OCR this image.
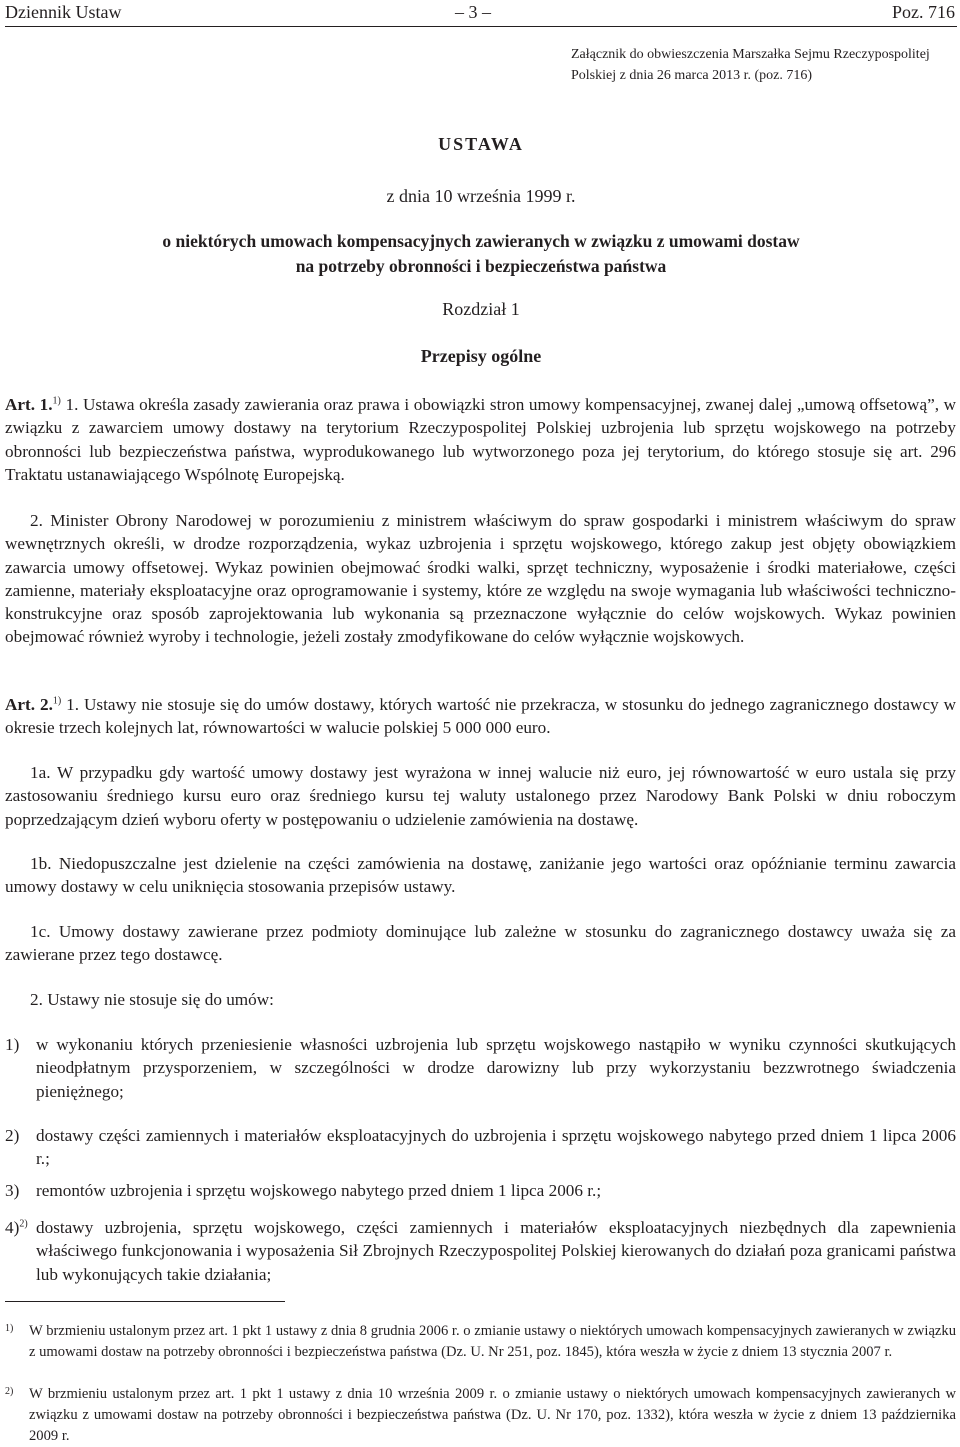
Dziennik Ustaw	– 3 –	Poz. 716
Załącznik do obwieszczenia Marszałka Sejmu Rzeczypospolitej Polskiej z dnia 26 marca 2013 r. (poz. 716)
USTAWA
z dnia 10 września 1999 r.
o niektórych umowach kompensacyjnych zawieranych w związku z umowami dostaw
na potrzeby obronności i bezpieczeństwa państwa
Rozdział 1
Przepisy ogólne
Art. 1.$^{1)}$ 1. Ustawa określa zasady zawierania oraz prawa i obowiązki stron umowy kompensacyjnej, zwanej dalej „umową offsetową”, w związku z zawarciem umowy dostawy na terytorium Rzeczypospolitej Polskiej uzbrojenia lub sprzętu wojskowego na potrzeby obronności lub bezpieczeństwa państwa, wyprodukowanego lub wytworzonego poza jej terytorium, do którego stosuje się art. 296 Traktatu ustanawiającego Wspólnotę Europejską.
2. Minister Obrony Narodowej w porozumieniu z ministrem właściwym do spraw gospodarki i ministrem właściwym do spraw wewnętrznych określi, w drodze rozporządzenia, wykaz uzbrojenia i sprzętu wojskowego, którego zakup jest objęty obowiązkiem zawarcia umowy offsetowej. Wykaz powinien obejmować środki walki, sprzęt techniczny, wyposażenie i środki materiałowe, części zamienne, materiały eksploatacyjne oraz oprogramowanie i systemy, które ze względu na swoje wymagania lub właściwości techniczno-konstrukcyjne oraz sposób zaprojektowania lub wykonania są przeznaczone wyłącznie do celów wojskowych. Wykaz powinien obejmować również wyroby i technologie, jeżeli zostały zmodyfikowane do celów wyłącznie wojskowych.
Art. 2.$^{1)}$ 1. Ustawy nie stosuje się do umów dostawy, których wartość nie przekracza, w stosunku do jednego zagranicznego dostawcy w okresie trzech kolejnych lat, równowartości w walucie polskiej 5 000 000 euro.
1a. W przypadku gdy wartość umowy dostawy jest wyrażona w innej walucie niż euro, jej równowartość w euro ustala się przy zastosowaniu średniego kursu euro oraz średniego kursu tej waluty ustalonego przez Narodowy Bank Polski w dniu roboczym poprzedzającym dzień wyboru oferty w postępowaniu o udzielenie zamówienia na dostawę.
1b. Niedopuszczalne jest dzielenie na części zamówienia na dostawę, zaniżanie jego wartości oraz opóźnianie terminu zawarcia umowy dostawy w celu uniknięcia stosowania przepisów ustawy.
1c. Umowy dostawy zawierane przez podmioty dominujące lub zależne w stosunku do zagranicznego dostawcy uważa się za zawierane przez tego dostawcę.
2. Ustawy nie stosuje się do umów:
1) w wykonaniu których przeniesienie własności uzbrojenia lub sprzętu wojskowego nastąpiło w wyniku czynności skutkujących nieodpłatnym przysporzeniem, w szczególności w drodze darowizny lub przy wykorzystaniu bezzwrotnego świadczenia pieniężnego;
2) dostawy części zamiennych i materiałów eksploatacyjnych do uzbrojenia i sprzętu wojskowego nabytego przed dniem 1 lipca 2006 r.;
3) remontów uzbrojenia i sprzętu wojskowego nabytego przed dniem 1 lipca 2006 r.;
4)$^{2)}$ dostawy uzbrojenia, sprzętu wojskowego, części zamiennych i materiałów eksploatacyjnych niezbędnych dla zapewnienia właściwego funkcjonowania i wyposażenia Sił Zbrojnych Rzeczypospolitej Polskiej kierowanych do działań poza granicami państwa lub wykonujących takie działania;
1) W brzmieniu ustalonym przez art. 1 pkt 1 ustawy z dnia 8 grudnia 2006 r. o zmianie ustawy o niektórych umowach kompensacyjnych zawieranych w związku z umowami dostaw na potrzeby obronności i bezpieczeństwa państwa (Dz. U. Nr 251, poz. 1845), która weszła w życie z dniem 13 stycznia 2007 r.
2) W brzmieniu ustalonym przez art. 1 pkt 1 ustawy z dnia 10 września 2009 r. o zmianie ustawy o niektórych umowach kompensacyjnych zawieranych w związku z umowami dostaw na potrzeby obronności i bezpieczeństwa państwa (Dz. U. Nr 170, poz. 1332), która weszła w życie z dniem 13 października 2009 r.
